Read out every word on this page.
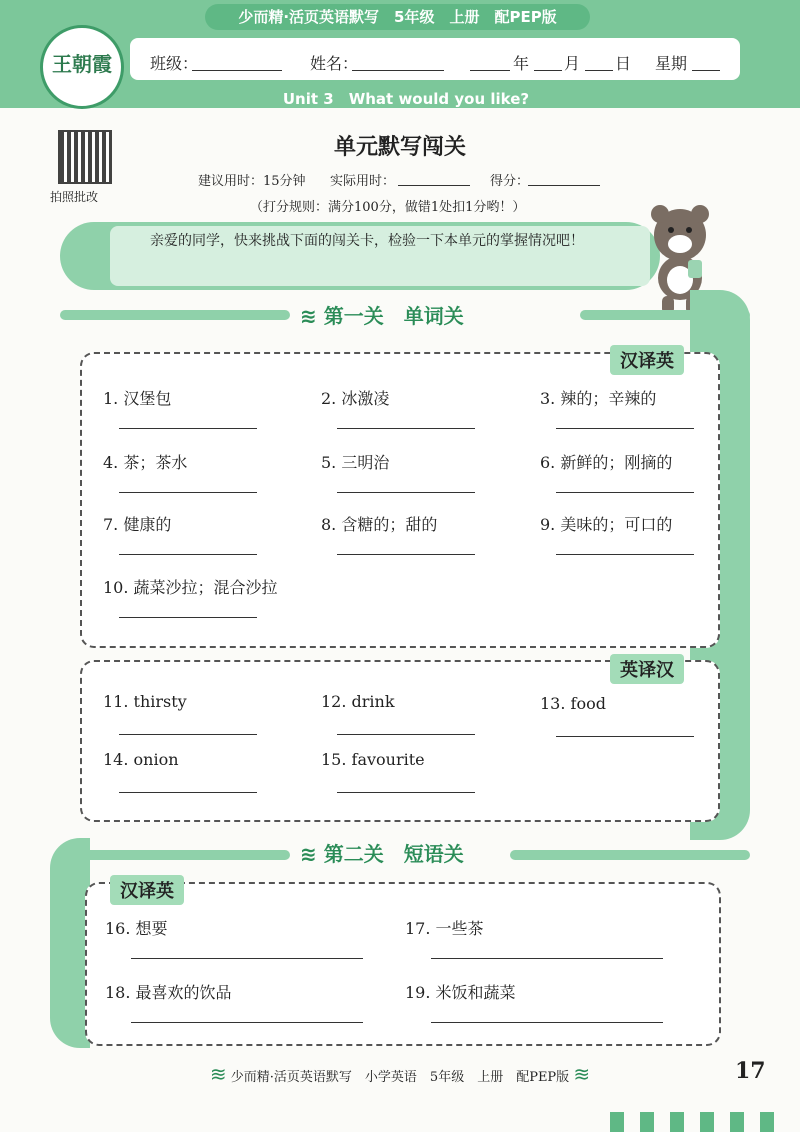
少而精·活页英语默写　5年级　上册　配PEP版
王朝霞	班级：	姓名：	年 月 日 星期
Unit 3　What would you like?
拍照批改
单元默写闯关
建议用时：15分钟 实际用时：	得分：
（打分规则：满分100分，做错1处扣1分哟！）
亲爱的同学，快来挑战下面的闯关卡，检验一下本单元的掌握情况吧！
≋ 第一关　单词关
汉译英
1. 汉堡包	2. 冰激凌	3. 辣的；辛辣的
4. 茶；茶水	5. 三明治	6. 新鲜的；刚摘的
7. 健康的	8. 含糖的；甜的	9. 美味的；可口的
10. 蔬菜沙拉；混合沙拉
英译汉
11. thirsty	12. drink	13. food
14. onion	15. favourite
≋ 第二关　短语关
汉译英
16. 想要	17. 一些茶
18. 最喜欢的饮品	19. 米饭和蔬菜
≋ 少而精·活页英语默写　小学英语　5年级　上册　配PEP版 ≋	17
